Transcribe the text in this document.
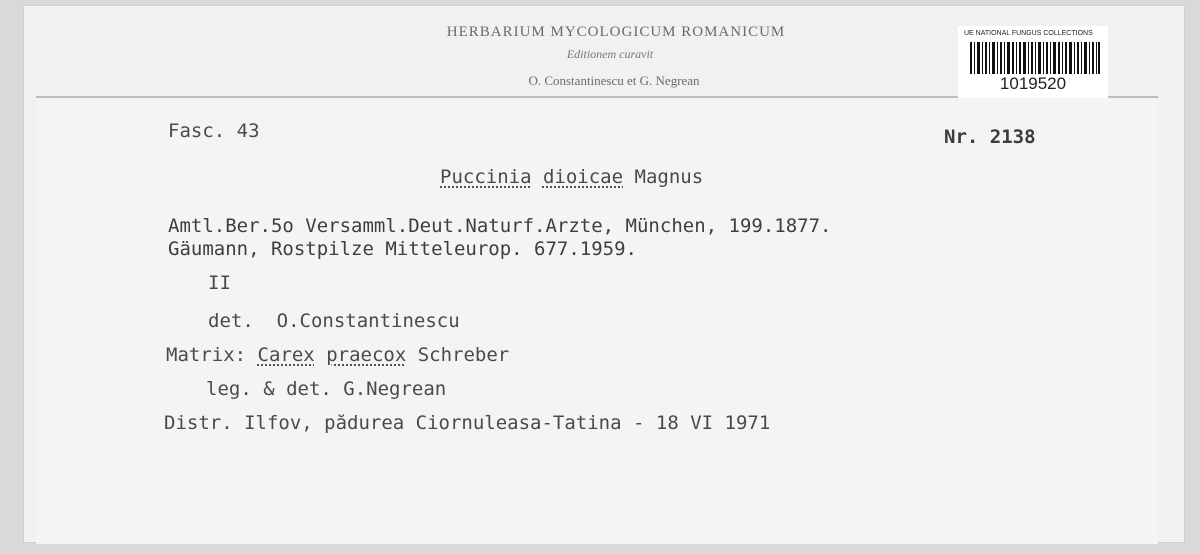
HERBARIUM MYCOLOGICUM ROMANICUM
Editionem curavit
O. Constantinescu et G. Negrean
UE NATIONAL FUNGUS COLLECTIONS
1019520
Fasc. 43	Nr. 2138
Puccinia dioicae Magnus
Amtl.Ber.5o Versamml.Deut.Naturf.Arzte, München, 199.1877.
Gäumann, Rostpilze Mitteleurop. 677.1959.
II
det. O.Constantinescu
Matrix: Carex praecox Schreber
leg. & det. G.Negrean
Distr. Ilfov, pădurea Ciornuleasa-Tatina - 18 VI 1971
